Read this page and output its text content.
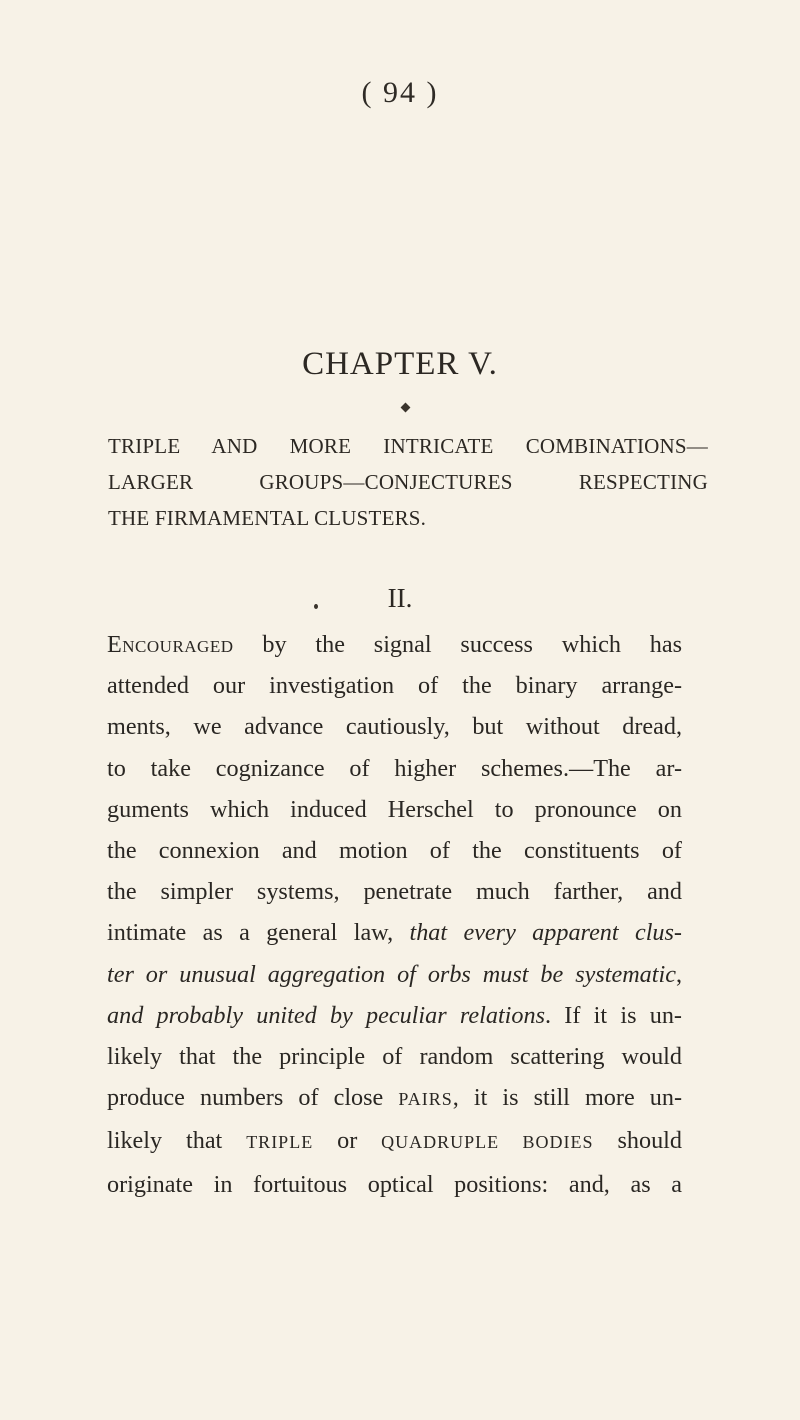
( 94 )
CHAPTER V.
TRIPLE AND MORE INTRICATE COMBINATIONS—
LARGER GROUPS—CONJECTURES RESPECTING
THE FIRMAMENTAL CLUSTERS.
II.
Encouraged by the signal success which has
attended our investigation of the binary arrange-
ments, we advance cautiously, but without dread,
to take cognizance of higher schemes.—The ar-
guments which induced Herschel to pronounce on
the connexion and motion of the constituents of
the simpler systems, penetrate much farther, and
intimate as a general law, that every apparent clus-
ter or unusual aggregation of orbs must be systematic,
and probably united by peculiar relations. If it is un-
likely that the principle of random scattering would
produce numbers of close PAIRS, it is still more un-
likely that TRIPLE or QUADRUPLE BODIES should
originate in fortuitous optical positions: and, as a
